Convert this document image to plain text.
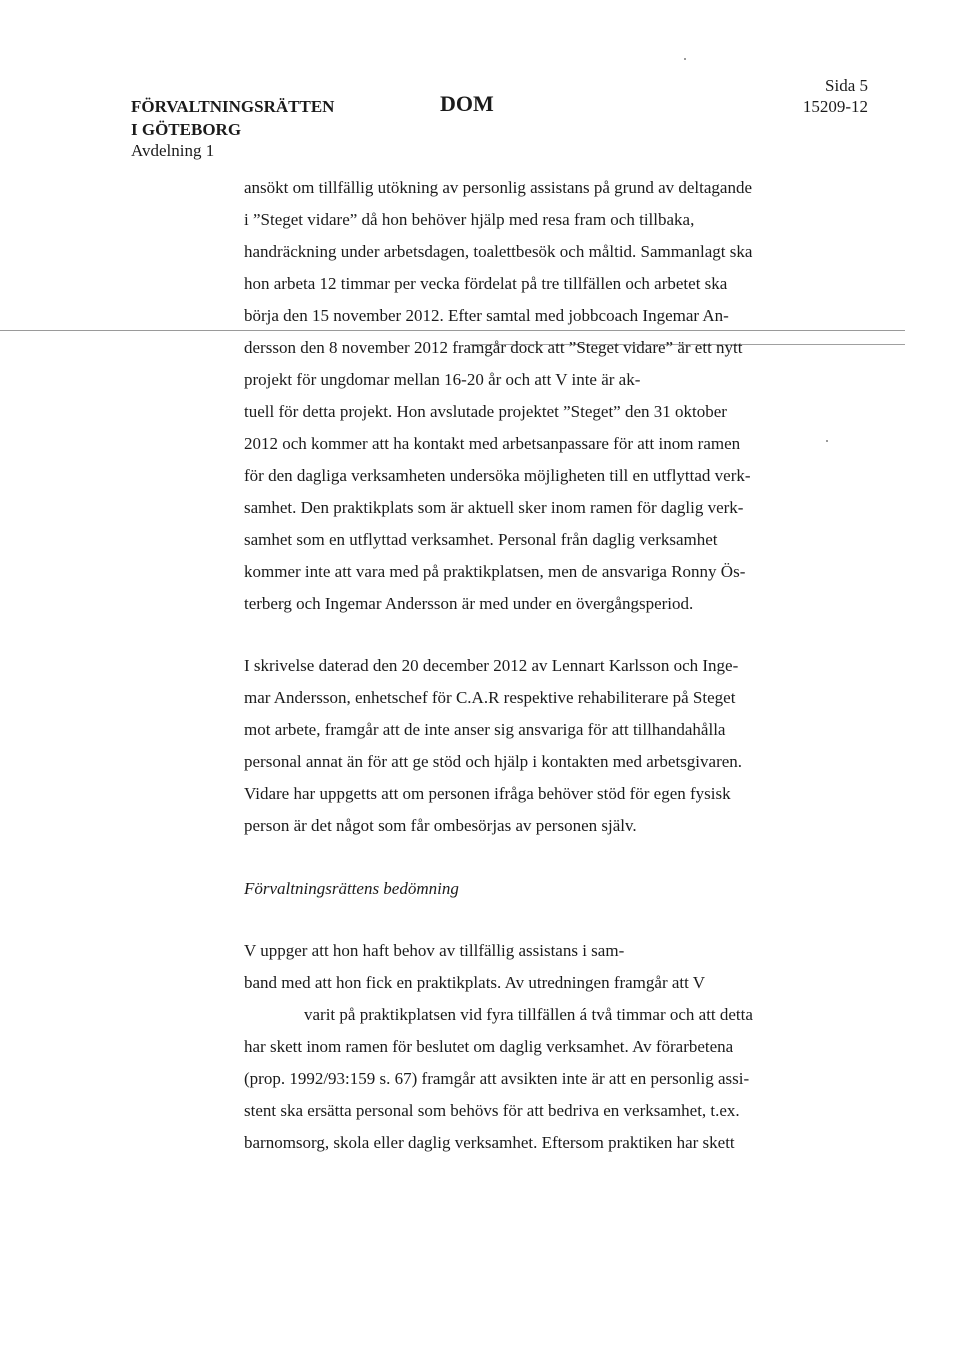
FÖRVALTNINGSRÄTTEN
I GÖTEBORG
Avdelning 1
DOM
Sida 5
15209-12
ansökt om tillfällig utökning av personlig assistans på grund av deltagande
i ”Steget vidare” då hon behöver hjälp med resa fram och tillbaka,
handräckning under arbetsdagen, toalettbesök och måltid. Sammanlagt ska
hon arbeta 12 timmar per vecka fördelat på tre tillfällen och arbetet ska
börja den 15 november 2012. Efter samtal med jobbcoach Ingemar An-
dersson den 8 november 2012 framgår dock att ”Steget vidare” är ett nytt
projekt för ungdomar mellan 16-20 år och att V inte är ak-
tuell för detta projekt. Hon avslutade projektet ”Steget” den 31 oktober
2012 och kommer att ha kontakt med arbetsanpassare för att inom ramen
för den dagliga verksamheten undersöka möjligheten till en utflyttad verk-
samhet. Den praktikplats som är aktuell sker inom ramen för daglig verk-
samhet som en utflyttad verksamhet. Personal från daglig verksamhet
kommer inte att vara med på praktikplatsen, men de ansvariga Ronny Ös-
terberg och Ingemar Andersson är med under en övergångsperiod.
I skrivelse daterad den 20 december 2012 av Lennart Karlsson och Inge-
mar Andersson, enhetschef för C.A.R respektive rehabiliterare på Steget
mot arbete, framgår att de inte anser sig ansvariga för att tillhandahålla
personal annat än för att ge stöd och hjälp i kontakten med arbetsgivaren.
Vidare har uppgetts att om personen ifråga behöver stöd för egen fysisk
person är det något som får ombesörjas av personen själv.
Förvaltningsrättens bedömning
V uppger att hon haft behov av tillfällig assistans i sam-
band med att hon fick en praktikplats. Av utredningen framgår att V
varit på praktikplatsen vid fyra tillfällen á två timmar och att detta
har skett inom ramen för beslutet om daglig verksamhet. Av förarbetena
(prop. 1992/93:159 s. 67) framgår att avsikten inte är att en personlig assi-
stent ska ersätta personal som behövs för att bedriva en verksamhet, t.ex.
barnomsorg, skola eller daglig verksamhet. Eftersom praktiken har skett
